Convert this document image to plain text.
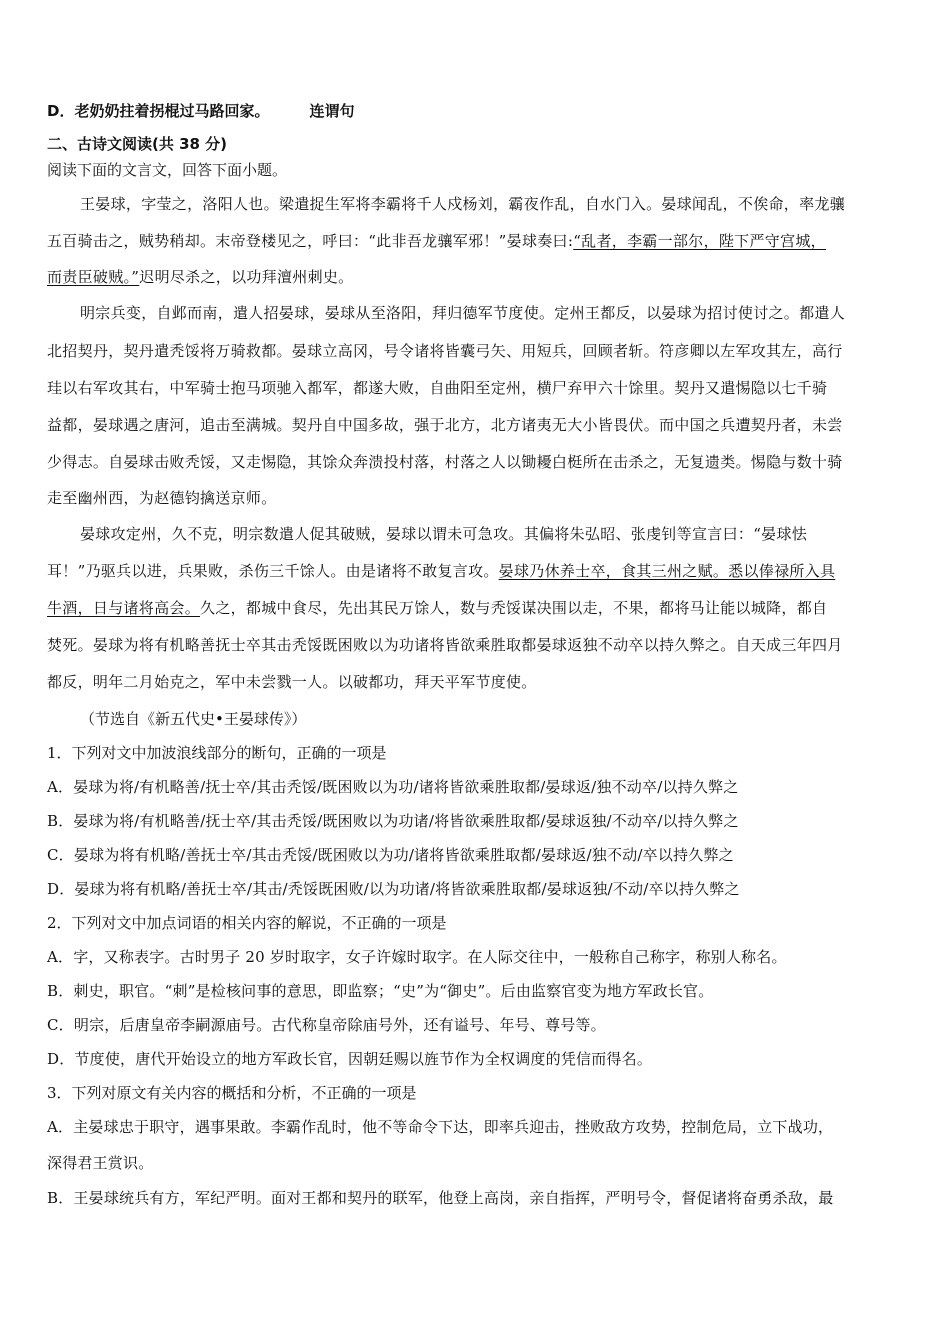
D．老奶奶拄着拐棍过马路回家。	连谓句
二、古诗文阅读(共 38 分)
阅读下面的文言文，回答下面小题。
王晏球，字莹之，洛阳人也。梁遣捉生军将李霸将千人戍杨刘，霸夜作乱，自水门入。晏球闻乱，不俟命，率龙骧
五百骑击之，贼势稍却。末帝登楼见之，呼曰：“此非吾龙骧军邪！”晏球奏曰:“乱者，李霸一部尔，陛下严守宫城，
而责臣破贼。”迟明尽杀之，以功拜澶州刺史。
明宗兵变，自邺而南，遣人招晏球，晏球从至洛阳，拜归德军节度使。定州王都反，以晏球为招讨使讨之。都遣人
北招契丹，契丹遣秃馁将万骑救都。晏球立高冈，号令诸将皆囊弓矢、用短兵，回顾者斩。符彦卿以左军攻其左，高行
珪以右军攻其右，中军骑士抱马项驰入都军，都遂大败，自曲阳至定州，横尸弃甲六十馀里。契丹又遣惕隐以七千骑
益都，晏球遇之唐河，追击至满城。契丹自中国多故，强于北方，北方诸夷无大小皆畏伏。而中国之兵遭契丹者，未尝
少得志。自晏球击败秃馁，又走惕隐，其馀众奔溃投村落，村落之人以锄耰白梃所在击杀之，无复遗类。惕隐与数十骑
走至幽州西，为赵德钧擒送京师。
晏球攻定州，久不克，明宗数遣人促其破贼，晏球以谓未可急攻。其偏将朱弘昭、张虔钊等宣言曰：“晏球怯
耳！”乃驱兵以进，兵果败，杀伤三千馀人。由是诸将不敢复言攻。晏球乃休养士卒，食其三州之赋。悉以俸禄所入具
牛酒，日与诸将高会。久之，都城中食尽，先出其民万馀人，数与秃馁谋决围以走，不果，都将马让能以城降，都自
焚死。晏球为将有机略善抚士卒其击秃馁既困败以为功诸将皆欲乘胜取都晏球返独不动卒以持久弊之。自天成三年四月
都反，明年二月始克之，军中未尝戮一人。以破都功，拜天平军节度使。
（节选自《新五代史•王晏球传》）
1．下列对文中加波浪线部分的断句，正确的一项是
A．晏球为将/有机略善/抚士卒/其击秃馁/既困败以为功/诸将皆欲乘胜取都/晏球返/独不动卒/以持久弊之
B．晏球为将/有机略善/抚士卒/其击秃馁/既困败以为功诸/将皆欲乘胜取都/晏球返独/不动卒/以持久弊之
C．晏球为将有机略/善抚士卒/其击秃馁/既困败以为功/诸将皆欲乘胜取都/晏球返/独不动/卒以持久弊之
D．晏球为将有机略/善抚士卒/其击/秃馁既困败/以为功诸/将皆欲乘胜取都/晏球返独/不动/卒以持久弊之
2．下列对文中加点词语的相关内容的解说，不正确的一项是
A．字，又称表字。古时男子 20 岁时取字，女子许嫁时取字。在人际交往中，一般称自己称字，称别人称名。
B．刺史，职官。“刺”是检核问事的意思，即监察；“史”为“御史”。后由监察官变为地方军政长官。
C．明宗，后唐皇帝李嗣源庙号。古代称皇帝除庙号外，还有谥号、年号、尊号等。
D．节度使，唐代开始设立的地方军政长官，因朝廷赐以旌节作为全权调度的凭信而得名。
3．下列对原文有关内容的概括和分析，不正确的一项是
A．主晏球忠于职守，遇事果敢。李霸作乱时，他不等命令下达，即率兵迎击，挫败敌方攻势，控制危局，立下战功，
深得君王赏识。
B．王晏球统兵有方，军纪严明。面对王都和契丹的联军，他登上高岗，亲自指挥，严明号令，督促诸将奋勇杀敌，最
